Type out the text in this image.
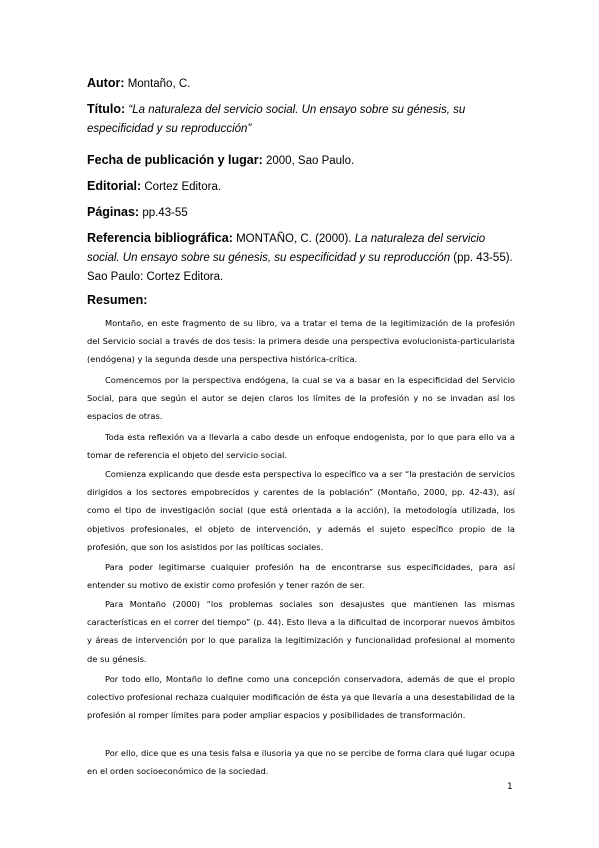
Autor: Montaño, C.
Título: “La naturaleza del servicio social. Un ensayo sobre su génesis, su especificidad y su reproducción”
Fecha de publicación y lugar: 2000, Sao Paulo.
Editorial: Cortez Editora.
Páginas: pp.43-55
Referencia bibliográfica: MONTAÑO, C. (2000). La naturaleza del servicio social. Un ensayo sobre su génesis, su especificidad y su reproducción (pp. 43-55). Sao Paulo: Cortez Editora.
Resumen:

Montaño, en este fragmento de su libro, va a tratar el tema de la legitimización de la profesión del Servicio social a través de dos tesis: la primera desde una perspectiva evolucionista-particularista (endógena) y la segunda desde una perspectiva histórica-crítica.

Comencemos por la perspectiva endógena, la cual se va a basar en la especificidad del Servicio Social, para que según el autor se dejen claros los límites de la profesión y no se invadan así los espacios de otras.

Toda esta reflexión va a llevarla a cabo desde un enfoque endogenista, por lo que para ello va a tomar de referencia el objeto del servicio social.

Comienza explicando que desde esta perspectiva lo específico va a ser “la prestación de servicios dirigidos a los sectores empobrecidos y carentes de la población” (Montaño, 2000, pp. 42-43), así como el tipo de investigación social (que está orientada a la acción), la metodología utilizada, los objetivos profesionales, el objeto de intervención, y además el sujeto específico propio de la profesión, que son los asistidos por las políticas sociales.

Para poder legitimarse cualquier profesión ha de encontrarse sus especificidades, para así entender su motivo de existir como profesión y tener razón de ser.

Para Montaño (2000) “los problemas sociales son desajustes que mantienen las mismas características en el correr del tiempo” (p. 44). Esto lleva a la dificultad de incorporar nuevos ámbitos y áreas de intervención por lo que paraliza la legitimización y funcionalidad profesional al momento de su génesis.

Por todo ello, Montaño lo define como una concepción conservadora, además de que el propio colectivo profesional rechaza cualquier modificación de ésta ya que llevaría a una desestabilidad de la profesión al romper límites para poder ampliar espacios y posibilidades de transformación.

Por ello, dice que es una tesis falsa e ilusoria ya que no se percibe de forma clara qué lugar ocupa en el orden socioeconómico de la sociedad.

1
